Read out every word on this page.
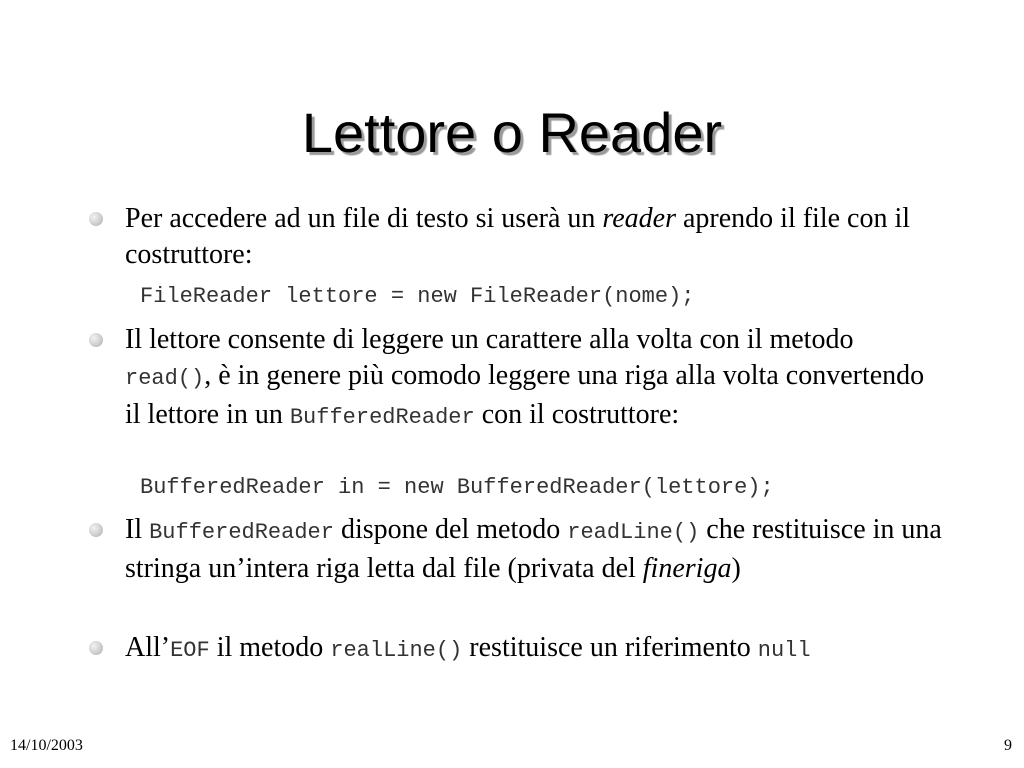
Lettore o Reader
Per accedere ad un file di testo si userà un reader aprendo il file con il costruttore:
FileReader lettore = new FileReader(nome);
Il lettore consente di leggere un carattere alla volta con il metodo read(), è in genere più comodo leggere una riga alla volta convertendo il lettore in un BufferedReader con il costruttore:
BufferedReader in = new BufferedReader(lettore);
Il BufferedReader dispone del metodo readLine() che restituisce in una stringa un’intera riga letta dal file (privata del fineriga)
All’EOF il metodo realLine() restituisce un riferimento null
14/10/2003	9
